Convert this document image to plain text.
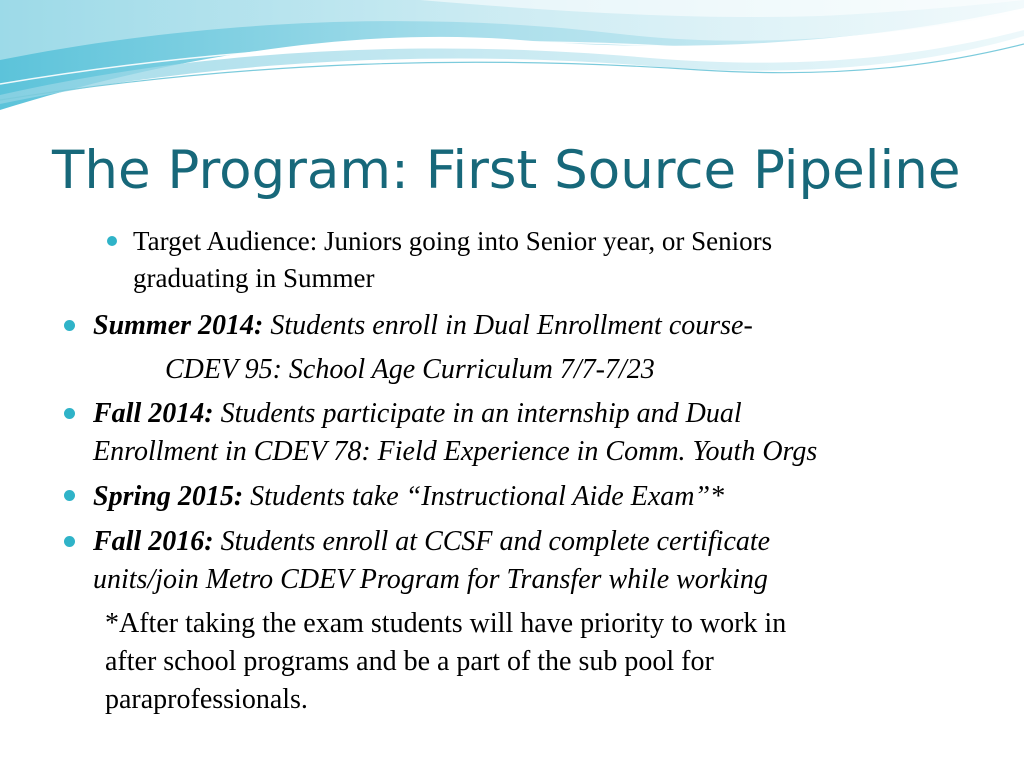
The Program: First Source Pipeline
Target Audience: Juniors going into Senior year, or Seniors
graduating in Summer
Summer 2014: Students enroll in Dual Enrollment course-
CDEV 95: School Age Curriculum 7/7-7/23
Fall 2014: Students participate in an internship and Dual
Enrollment in CDEV 78: Field Experience in Comm. Youth Orgs
Spring 2015: Students take “Instructional Aide Exam”*
Fall 2016: Students enroll at CCSF and complete certificate
units/join Metro CDEV Program for Transfer while working
*After taking the exam students will have priority to work in
after school programs and be a part of the sub pool for
paraprofessionals.
